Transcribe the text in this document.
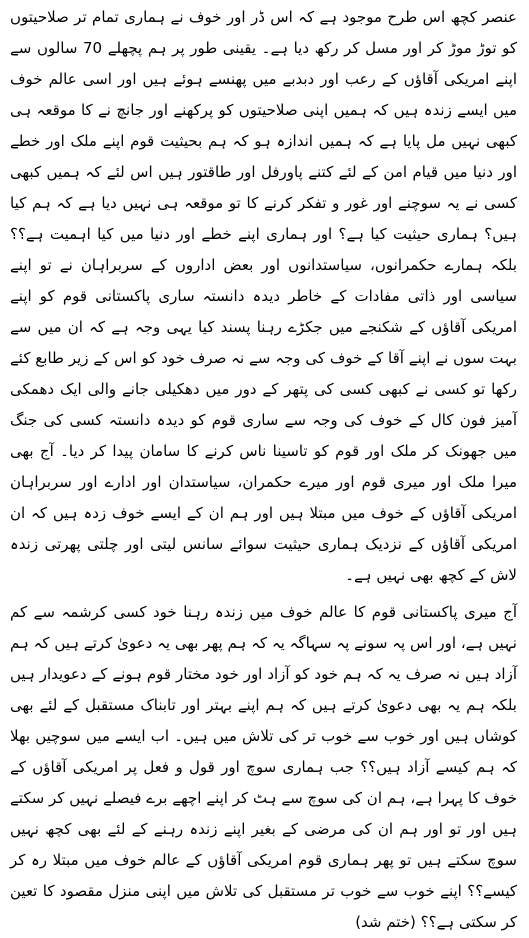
عنصر کچھ اس طرح موجود ہے کہ اس ڈر اور خوف نے ہماری تمام تر صلاحیتوں کو توڑ موڑ کر اور مسل کر رکھ دیا ہے۔ یقینی طور پر ہم پچھلے 70 سالوں سے اپنے امریکی آقاؤں کے رعب اور دبدبے میں پھنسے ہوئے ہیں اور اسی عالم خوف میں ایسے زندہ ہیں کہ ہمیں اپنی صلاحیتوں کو پرکھنے اور جانچ نے کا موقعہ ہی کبھی نہیں مل پایا ہے کہ ہمیں اندازہ ہو کہ ہم بحیثیت قوم اپنے ملک اور خطے اور دنیا میں قیام امن کے لئے کتنے پاورفل اور طاقتور ہیں اس لئے کہ ہمیں کبھی کسی نے یہ سوچنے اور غور و تفکر کرنے کا تو موقعہ ہی نہیں دیا ہے کہ ہم کیا ہیں؟ ہماری حیثیت کیا ہے؟ اور ہماری اپنے خطے اور دنیا میں کیا اہمیت ہے؟؟ بلکہ ہمارے حکمرانوں، سیاستدانوں اور بعض اداروں کے سربراہان نے تو اپنے سیاسی اور ذاتی مفادات کے خاطر دیدہ دانستہ ساری پاکستانی قوم کو اپنے امریکی آقاؤں کے شکنجے میں جکڑے رہنا پسند کیا یہی وجہ ہے کہ ان میں سے بہت سوں نے اپنے آقا کے خوف کی وجہ سے نہ صرف خود کو اس کے زیر طابع کئے رکھا تو کسی نے کبھی کسی کی پتھر کے دور میں دھکیلی جانے والی ایک دھمکی آمیز فون کال کے خوف کی وجہ سے ساری قوم کو دیدہ دانستہ کسی کی جنگ میں جھونک کر ملک اور قوم کو تاسینا ناس کرنے کا سامان پیدا کر دیا۔ آج بھی میرا ملک اور میری قوم اور میرے حکمران، سیاستدان اور ادارے اور سربراہان امریکی آقاؤں کے خوف میں مبتلا ہیں اور ہم ان کے ایسے خوف زدہ ہیں کہ ان امریکی آقاؤں کے نزدیک ہماری حیثیت سوائے سانس لیتی اور چلتی پھرتی زندہ لاش کے کچھ بھی نہیں ہے۔

آج میری پاکستانی قوم کا عالم خوف میں زندہ رہنا خود کسی کرشمہ سے کم نہیں ہے، اور اس پہ سونے پہ سہاگہ یہ کہ ہم پھر بھی یہ دعویٰ کرتے ہیں کہ ہم آزاد ہیں نہ صرف یہ کہ ہم خود کو آزاد اور خود مختار قوم ہونے کے دعویدار ہیں بلکہ ہم یہ بھی دعویٰ کرتے ہیں کہ ہم اپنے بہتر اور تابناک مستقبل کے لئے بھی کوشاں ہیں اور خوب سے خوب تر کی تلاش میں ہیں۔ اب ایسے میں سوچیں بھلا کہ ہم کیسے آزاد ہیں؟؟ جب ہماری سوچ اور قول و فعل پر امریکی آقاؤں کے خوف کا پہرا ہے، ہم ان کی سوچ سے ہٹ کر اپنے اچھے برے فیصلے نہیں کر سکتے ہیں اور تو اور ہم ان کی مرضی کے بغیر اپنے زندہ رہنے کے لئے بھی کچھ نہیں سوچ سکتے ہیں تو پھر ہماری قوم امریکی آقاؤں کے عالم خوف میں مبتلا رہ کر کیسے؟؟ اپنے خوب سے خوب تر مستقبل کی تلاش میں اپنی منزل مقصود کا تعین کر سکتی ہے؟؟ (ختم شد)
